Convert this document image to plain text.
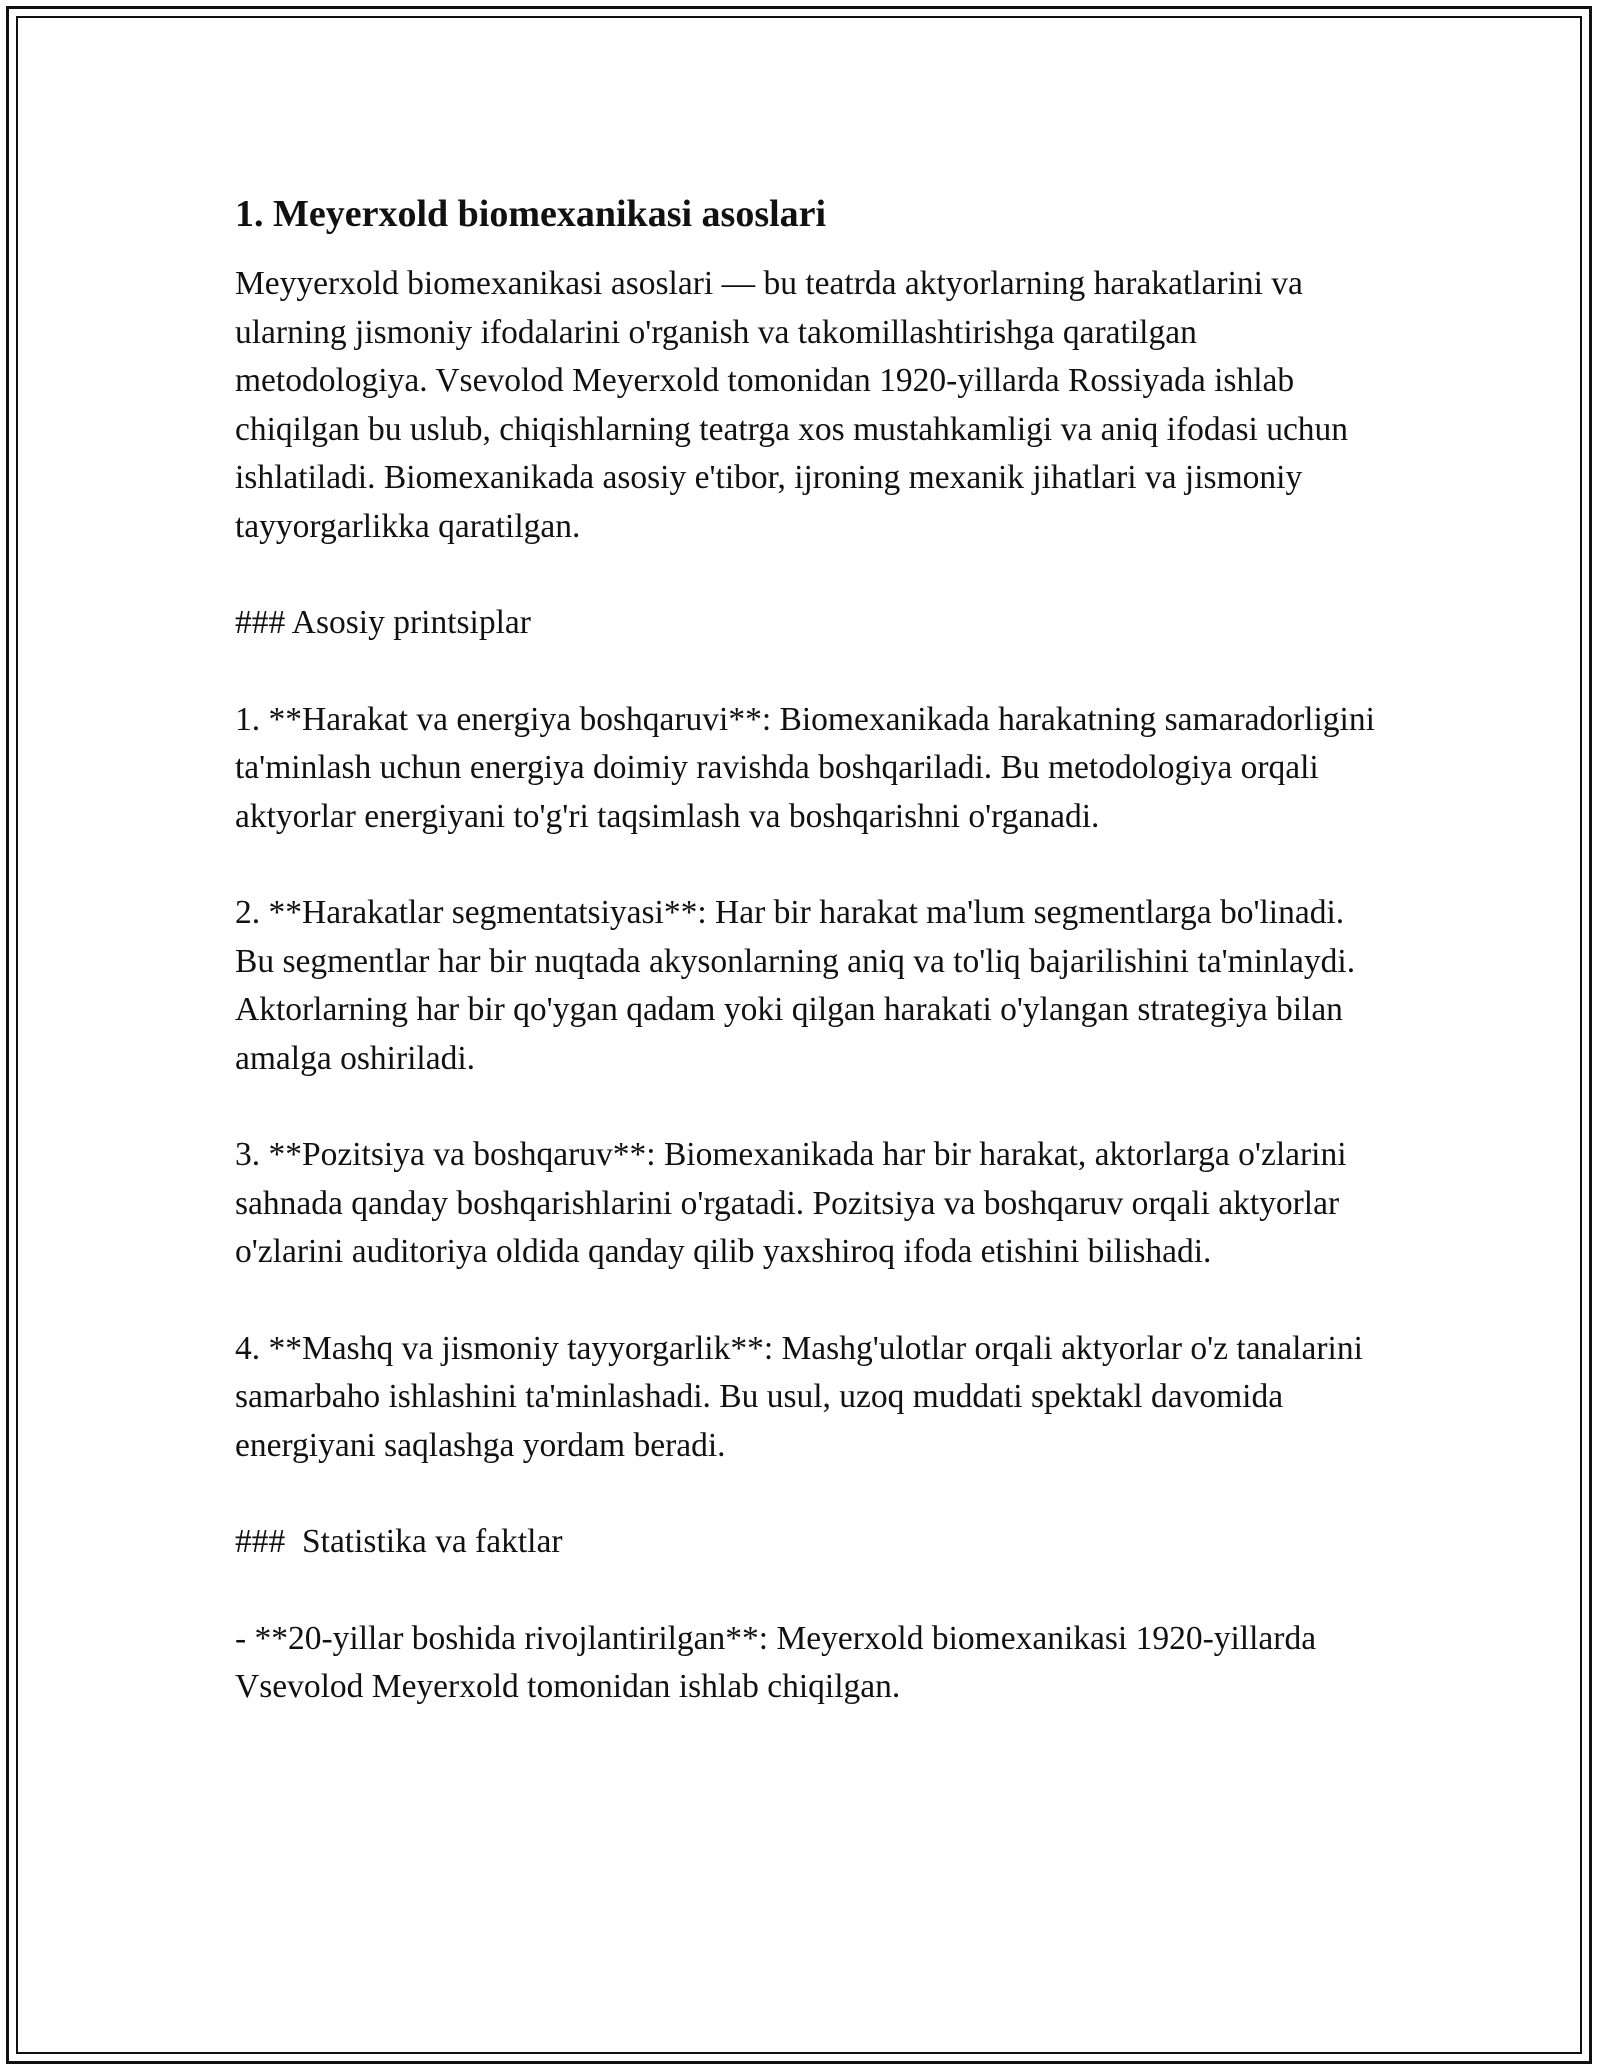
1. Meyerxold biomexanikasi asoslari

Meyyerxold biomexanikasi asoslari — bu teatrda aktyorlarning harakatlarini va ularning jismoniy ifodalarini o'rganish va takomillashtirishga qaratilgan metodologiya. Vsevolod Meyerxold tomonidan 1920-yillarda Rossiyada ishlab chiqilgan bu uslub, chiqishlarning teatrga xos mustahkamligi va aniq ifodasi uchun ishlatiladi. Biomexanikada asosiy e'tibor, ijroning mexanik jihatlari va jismoniy tayyorgarlikka qaratilgan.

### Asosiy printsiplar

1. **Harakat va energiya boshqaruvi**: Biomexanikada harakatning samaradorligini ta'minlash uchun energiya doimiy ravishda boshqariladi. Bu metodologiya orqali aktyorlar energiyani to'g'ri taqsimlash va boshqarishni o'rganadi.

2. **Harakatlar segmentatsiyasi**: Har bir harakat ma'lum segmentlarga bo'linadi. Bu segmentlar har bir nuqtada akysonlarning aniq va to'liq bajarilishini ta'minlaydi. Aktorlarning har bir qo'ygan qadam yoki qilgan harakati o'ylangan strategiya bilan amalga oshiriladi.

3. **Pozitsiya va boshqaruv**: Biomexanikada har bir harakat, aktorlarga o'zlarini sahnada qanday boshqarishlarini o'rgatadi. Pozitsiya va boshqaruv orqali aktyorlar o'zlarini auditoriya oldida qanday qilib yaxshiroq ifoda etishini bilishadi.

4. **Mashq va jismoniy tayyorgarlik**: Mashg'ulotlar orqali aktyorlar o'z tanalarini samarbaho ishlashini ta'minlashadi. Bu usul, uzoq muddati spektakl davomida energiyani saqlashga yordam beradi.

###  Statistika va faktlar

- **20-yillar boshida rivojlantirilgan**: Meyerxold biomexanikasi 1920-yillarda Vsevolod Meyerxold tomonidan ishlab chiqilgan.
